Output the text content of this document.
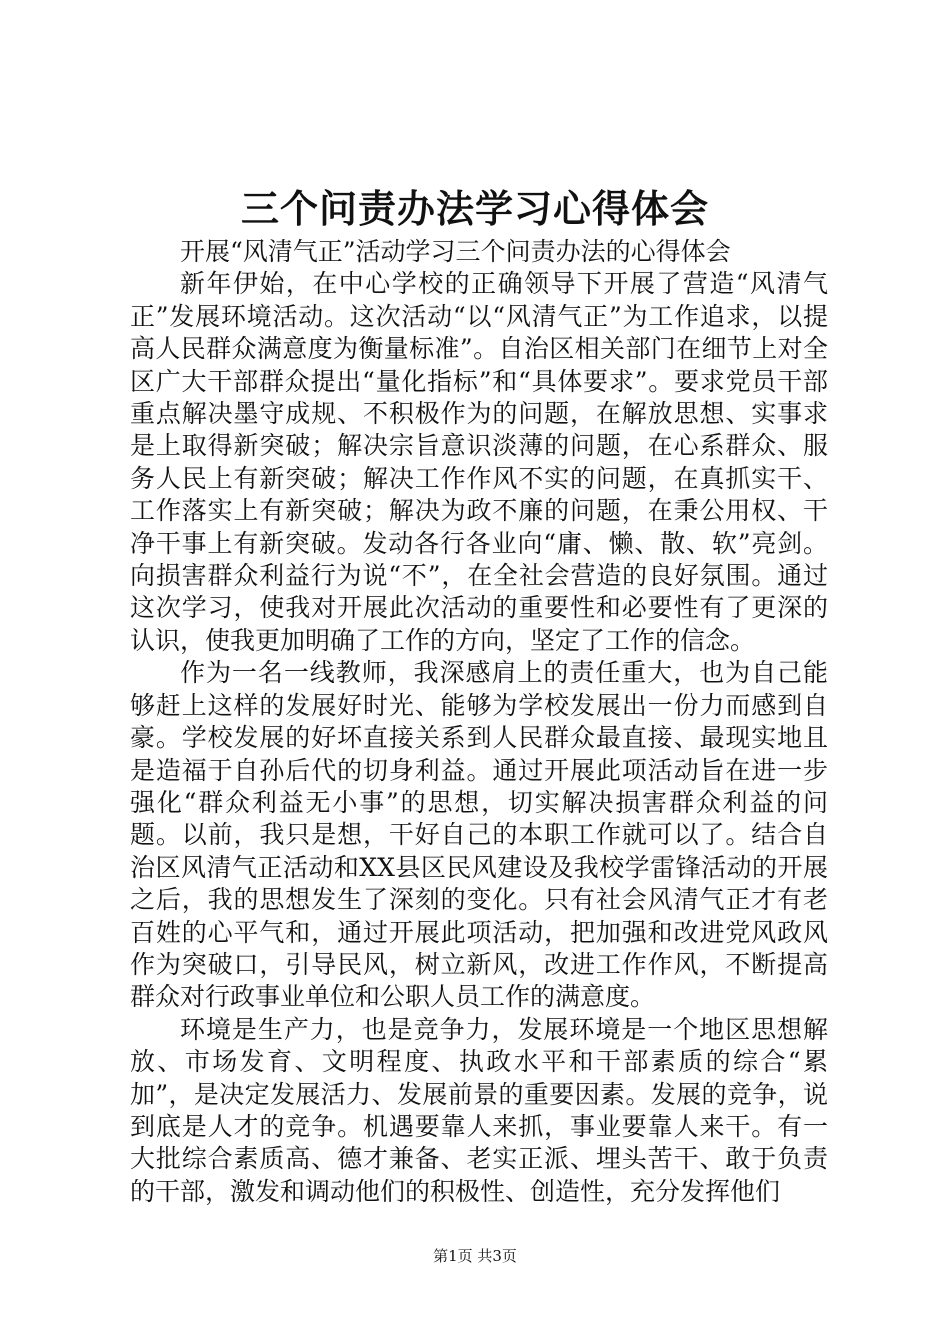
三个问责办法学习心得体会

开展“风清气正”活动学习三个问责办法的心得体会

新年伊始，在中心学校的正确领导下开展了营造“风清气正”发展环境活动。这次活动“以“风清气正”为工作追求，以提高人民群众满意度为衡量标准”。自治区相关部门在细节上对全区广大干部群众提出“量化指标”和“具体要求”。要求党员干部重点解决墨守成规、不积极作为的问题，在解放思想、实事求是上取得新突破；解决宗旨意识淡薄的问题，在心系群众、服务人民上有新突破；解决工作作风不实的问题，在真抓实干、工作落实上有新突破；解决为政不廉的问题，在秉公用权、干净干事上有新突破。发动各行各业向“庸、懒、散、软”亮剑。向损害群众利益行为说“不”，在全社会营造的良好氛围。通过这次学习，使我对开展此次活动的重要性和必要性有了更深的认识，使我更加明确了工作的方向，坚定了工作的信念。

作为一名一线教师，我深感肩上的责任重大，也为自己能够赶上这样的发展好时光、能够为学校发展出一份力而感到自豪。学校发展的好坏直接关系到人民群众最直接、最现实地且是造福于自孙后代的切身利益。通过开展此项活动旨在进一步强化“群众利益无小事”的思想，切实解决损害群众利益的问题。以前，我只是想，干好自己的本职工作就可以了。结合自治区风清气正活动和XX县区民风建设及我校学雷锋活动的开展之后，我的思想发生了深刻的变化。只有社会风清气正才有老百姓的心平气和，通过开展此项活动，把加强和改进党风政风作为突破口，引导民风，树立新风，改进工作作风，不断提高群众对行政事业单位和公职人员工作的满意度。

环境是生产力，也是竞争力，发展环境是一个地区思想解放、市场发育、文明程度、执政水平和干部素质的综合“累加”，是决定发展活力、发展前景的重要因素。发展的竞争，说到底是人才的竞争。机遇要靠人来抓，事业要靠人来干。有一大批综合素质高、德才兼备、老实正派、埋头苦干、敢于负责的干部，激发和调动他们的积极性、创造性，充分发挥他们

第1页 共3页
